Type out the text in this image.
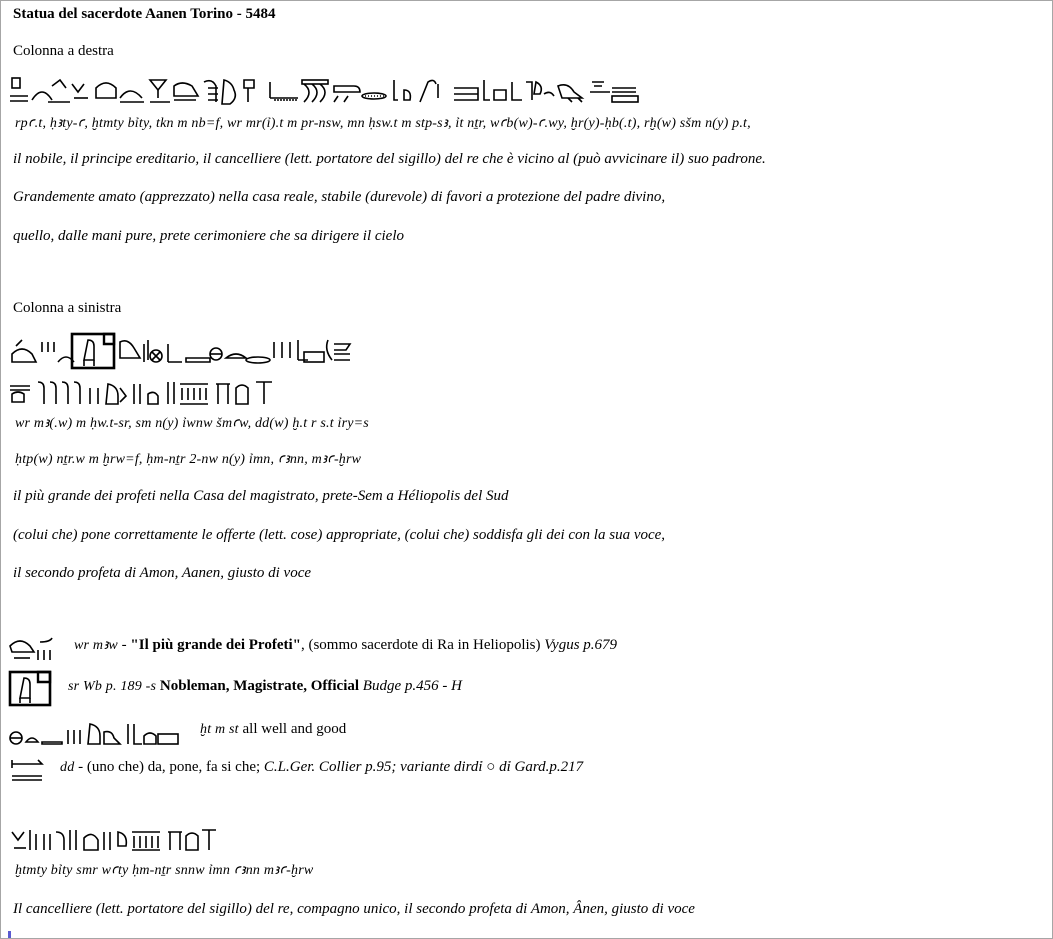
Statua del sacerdote Aanen Torino - 5484
Colonna a destra
rpꜥ.t, ḥꜣty-ꜥ, ḫtmty bỉty, tkn m nb=f, wr mr(ỉ).t m pr-nsw, mn ḥsw.t m stp-sꜣ, ỉt nṯr, wꜥb(w)-ꜥ.wy, ḫr(y)-ḥb(.t), rḫ(w) sšm n(y) p.t,
il nobile, il principe ereditario, il cancelliere (lett. portatore del sigillo) del re che è vicino al (può avvicinare il) suo padrone.
Grandemente amato (apprezzato) nella casa reale, stabile (durevole) di favori a protezione del padre divino,
quello, dalle mani pure, prete cerimoniere che sa dirigere il cielo
Colonna a sinistra
wr mꜣ(.w) m ḥw.t-sr, sm n(y) ỉwnw šmꜥw, dd(w) ḫ.t r s.t ỉry=s
ḥtp(w) nṯr.w m ḫrw=f, ḥm-nṯr 2-nw n(y) ỉmn, ꜥꜣnn, mꜣꜥ-ḫrw
il più grande dei profeti nella Casa del magistrato, prete-Sem a Héliopolis del Sud
(colui che) pone correttamente le offerte (lett. cose) appropriate, (colui che) soddisfa gli dei con la sua voce,
il secondo profeta di Amon, Aanen, giusto di voce
wr mꜣw - "Il più grande dei Profeti", (sommo sacerdote di Ra in Heliopolis) Vygus p.679
sr Wb p. 189 -s Nobleman, Magistrate, Official Budge p.456 - H
ḫt m st all well and good
dd - (uno che) da, pone, fa si che; C.L.Ger. Collier p.95; variante dirdỉ ○ dỉ Gard.p.217
ḫtmty bỉty smr wꜥty ḥm-nṯr snnw ỉmn ꜥꜣnn mꜣꜥ-ḫrw
Il cancelliere (lett. portatore del sigillo) del re, compagno unico, il secondo profeta di Amon, Ânen, giusto di voce
